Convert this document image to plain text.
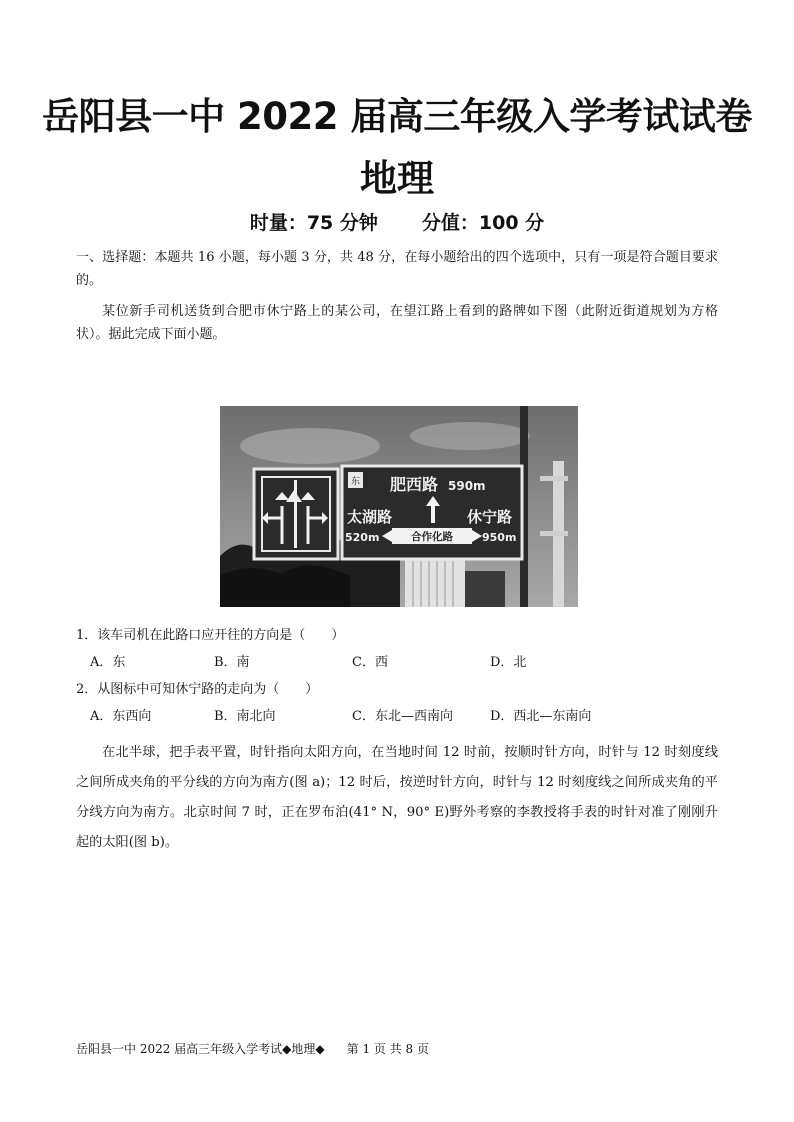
岳阳县一中 2022 届高三年级入学考试试卷
地理
时量：75 分钟 分值：100 分
一、选择题：本题共 16 小题，每小题 3 分，共 48 分，在每小题给出的四个选项中，只有一项是符合题目要求的。
某位新手司机送货到合肥市休宁路上的某公司，在望江路上看到的路牌如下图（此附近街道规划为方格状）。据此完成下面小题。
东 肥西路 590m
太湖路
520m
休宁路
950m
合作化路
1．该车司机在此路口应开往的方向是（　　）
A．东	B．南	C．西	D．北
2．从图标中可知休宁路的走向为（　　）
A．东西向	B．南北向	C．东北—西南向	D．西北—东南向
在北半球，把手表平置，时针指向太阳方向，在当地时间 12 时前，按顺时针方向，时针与 12 时刻度线之间所成夹角的平分线的方向为南方(图 a)；12 时后，按逆时针方向，时针与 12 时刻度线之间所成夹角的平分线方向为南方。北京时间 7 时，正在罗布泊(41° N，90° E)野外考察的李教授将手表的时针对准了刚刚升起的太阳(图 b)。
岳阳县一中 2022 届高三年级入学考试◆地理◆ 第 1 页 共 8 页
